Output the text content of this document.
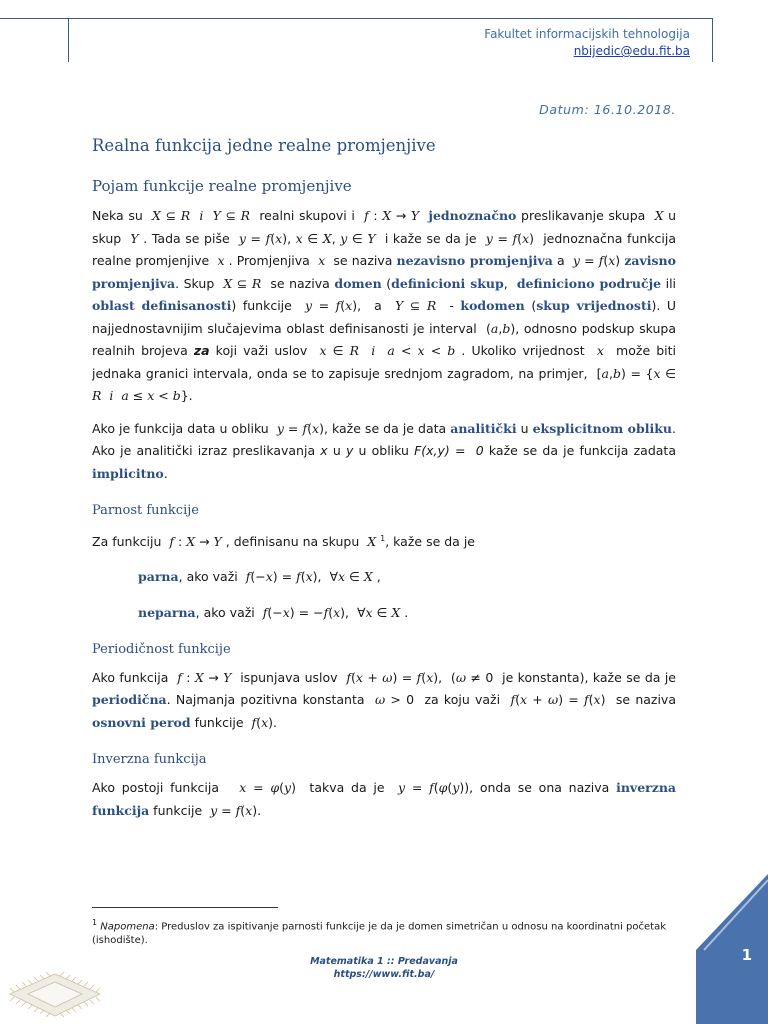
Fakultet informacijskih tehnologija
nbijedic@edu.fit.ba
Datum: 16.10.2018.
Realna funkcija jedne realne promjenjive
Pojam funkcije realne promjenjive

Neka su  X ⊆ R i Y ⊆ R  realni skupovi i  f : X → Y jednoznačno preslikavanje skupa  X u skup  Y . Tada se piše  y = f(x), x ∈ X, y ∈ Y  i kaže se da je  y = f(x)  jednoznačna funkcija realne promjenjive  x . Promjenjiva  x  se naziva nezavisno promjenjiva a  y = f(x) zavisno promjenjiva. Skup  X ⊆ R  se naziva domen (definicioni skup,  definiciono područje ili oblast definisanosti) funkcije  y = f(x),  a  Y ⊆ R  - kodomen (skup vrijednosti). U najjednostavnijim slučajevima oblast definisanosti je interval  (a,b), odnosno podskup skupa realnih brojeva za koji važi uslov  x ∈ R i a < x < b . Ukoliko vrijednost  x  može biti jednaka granici intervala, onda se to zapisuje srednjom zagradom, na primjer,  [a,b) = {x ∈ R i a ≤ x < b}.

Ako je funkcija data u obliku  y = f(x), kaže se da je data analitički u eksplicitnom obliku. Ako je analitički izraz preslikavanja x u y u obliku F(x,y) =  0 kaže se da je funkcija zadata implicitno.

Parnost funkcije

Za funkciju  f : X → Y , definisanu na skupu  X $^1$, kaže se da je

parna, ako važi  f(−x) = f(x),  ∀x ∈ X ,
neparna, ako važi  f(−x) = −f(x),  ∀x ∈ X .
Periodičnost funkcije

Ako funkcija  f : X → Y  ispunjava uslov  f(x + ω) = f(x),  (ω ≠ 0  je konstanta), kaže se da je periodična. Najmanja pozitivna konstanta  ω > 0  za koju važi  f(x + ω) = f(x)  se naziva osnovni perod funkcije  f(x).

Inverzna funkcija

Ako postoji funkcija   x = φ(y)  takva da je  y = f(φ(y)), onda se ona naziva inverzna funkcija funkcije  y = f(x).

$^1$ Napomena: Preduslov za ispitivanje parnosti funkcije je da je domen simetričan u odnosu na koordinatni početak (ishodište).
Matematika 1 :: Predavanja
https://www.fit.ba/
1
